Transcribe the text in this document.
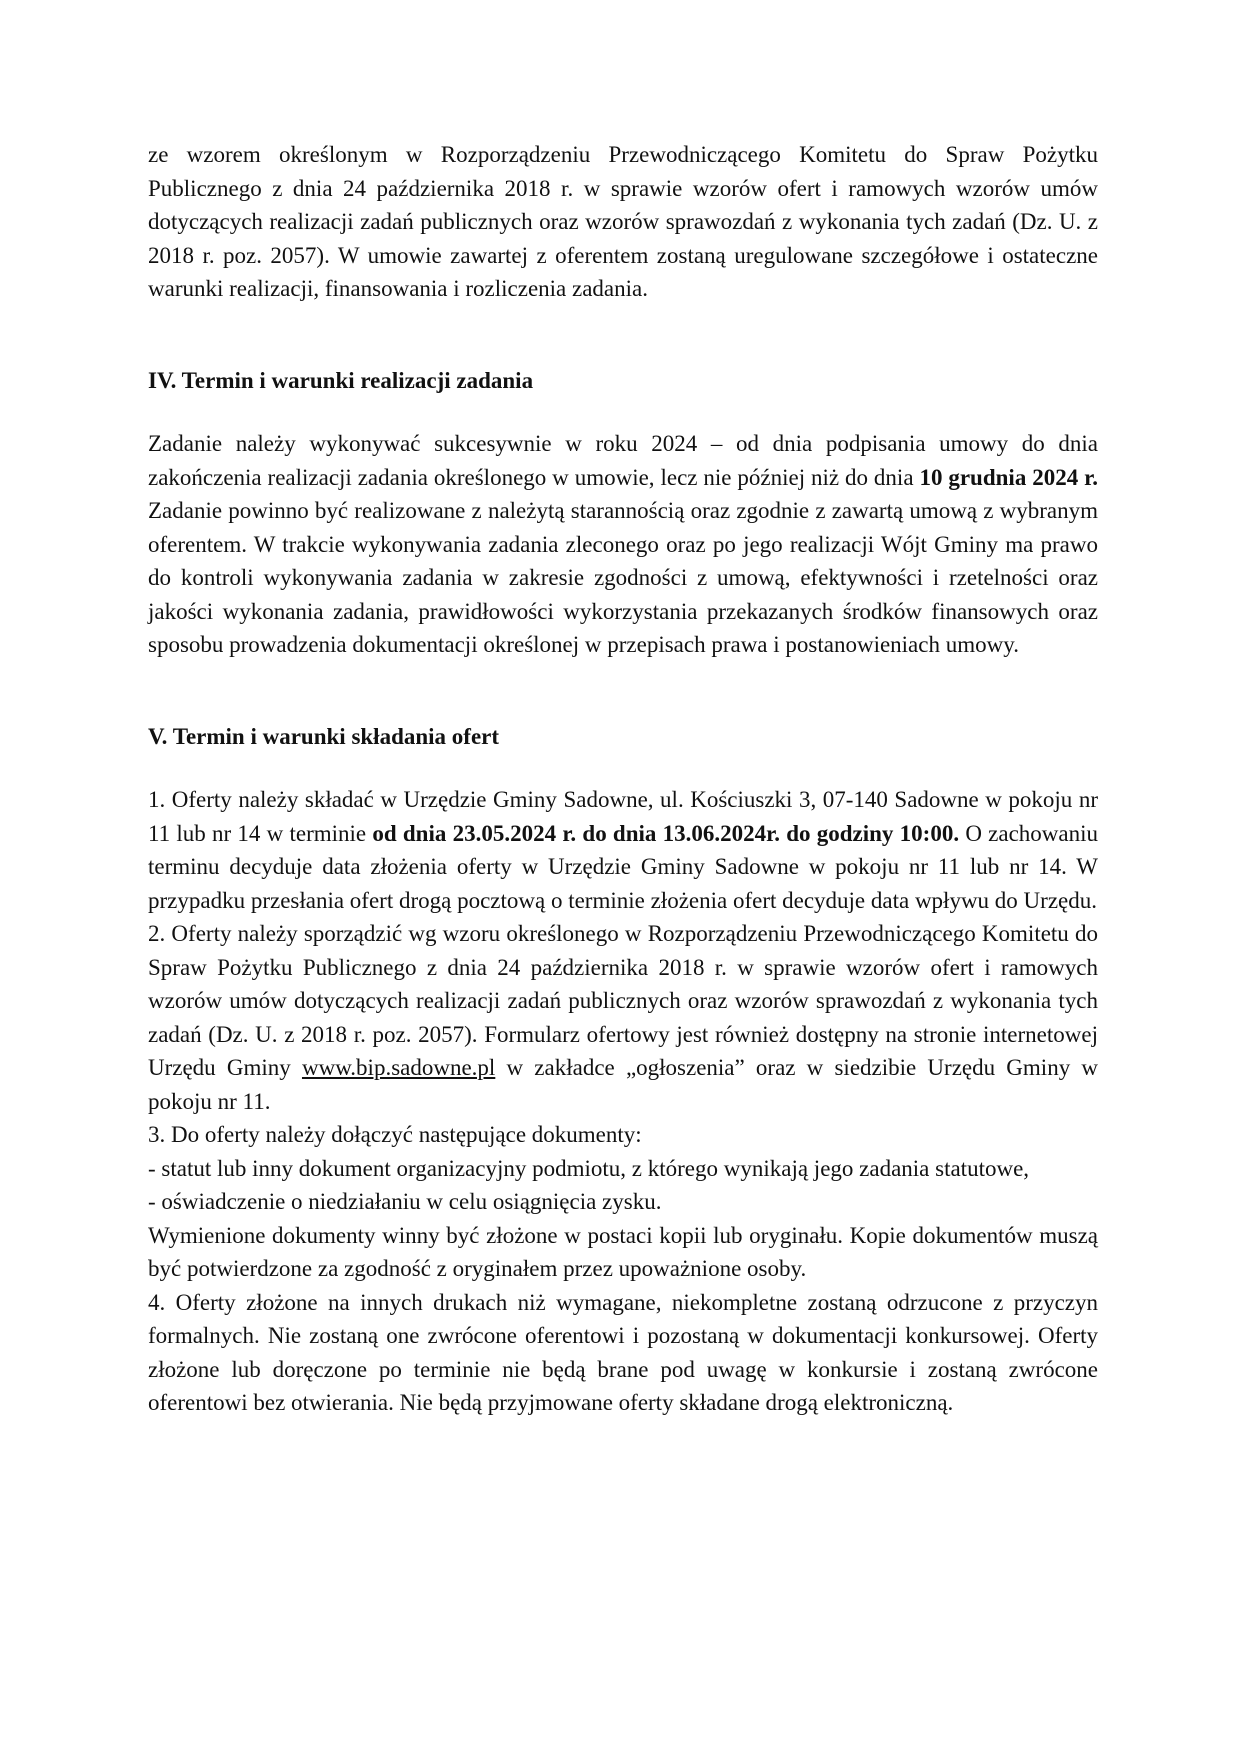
ze wzorem określonym w Rozporządzeniu Przewodniczącego Komitetu do Spraw Pożytku Publicznego z dnia 24 października 2018 r. w sprawie wzorów ofert i ramowych wzorów umów dotyczących realizacji zadań publicznych oraz wzorów sprawozdań z wykonania tych zadań (Dz. U. z 2018 r. poz. 2057). W umowie zawartej z oferentem zostaną uregulowane szczegółowe i ostateczne warunki realizacji, finansowania i rozliczenia zadania.

IV. Termin i warunki realizacji zadania

Zadanie należy wykonywać sukcesywnie w roku 2024 – od dnia podpisania umowy do dnia zakończenia realizacji zadania określonego w umowie, lecz nie później niż do dnia 10 grudnia 2024 r. Zadanie powinno być realizowane z należytą starannością oraz zgodnie z zawartą umową z wybranym oferentem. W trakcie wykonywania zadania zleconego oraz po jego realizacji Wójt Gminy ma prawo do kontroli wykonywania zadania w zakresie zgodności z umową, efektywności i rzetelności oraz jakości wykonania zadania, prawidłowości wykorzystania przekazanych środków finansowych oraz sposobu prowadzenia dokumentacji określonej w przepisach prawa i postanowieniach umowy.

V. Termin i warunki składania ofert

1. Oferty należy składać w Urzędzie Gminy Sadowne, ul. Kościuszki 3, 07-140 Sadowne w pokoju nr 11 lub nr 14 w terminie od dnia 23.05.2024 r. do dnia 13.06.2024r. do godziny 10:00. O zachowaniu terminu decyduje data złożenia oferty w Urzędzie Gminy Sadowne w pokoju nr 11 lub nr 14. W przypadku przesłania ofert drogą pocztową o terminie złożenia ofert decyduje data wpływu do Urzędu.

2. Oferty należy sporządzić wg wzoru określonego w Rozporządzeniu Przewodniczącego Komitetu do Spraw Pożytku Publicznego z dnia 24 października 2018 r. w sprawie wzorów ofert i ramowych wzorów umów dotyczących realizacji zadań publicznych oraz wzorów sprawozdań z wykonania tych zadań (Dz. U. z 2018 r. poz. 2057). Formularz ofertowy jest również dostępny na stronie internetowej Urzędu Gminy www.bip.sadowne.pl w zakładce „ogłoszenia” oraz w siedzibie Urzędu Gminy w pokoju nr 11.

3. Do oferty należy dołączyć następujące dokumenty:

- statut lub inny dokument organizacyjny podmiotu, z którego wynikają jego zadania statutowe,

- oświadczenie o niedziałaniu w celu osiągnięcia zysku.

Wymienione dokumenty winny być złożone w postaci kopii lub oryginału. Kopie dokumentów muszą być potwierdzone za zgodność z oryginałem przez upoważnione osoby.

4. Oferty złożone na innych drukach niż wymagane, niekompletne zostaną odrzucone z przyczyn formalnych. Nie zostaną one zwrócone oferentowi i pozostaną w dokumentacji konkursowej. Oferty złożone lub doręczone po terminie nie będą brane pod uwagę w konkursie i zostaną zwrócone oferentowi bez otwierania. Nie będą przyjmowane oferty składane drogą elektroniczną.
